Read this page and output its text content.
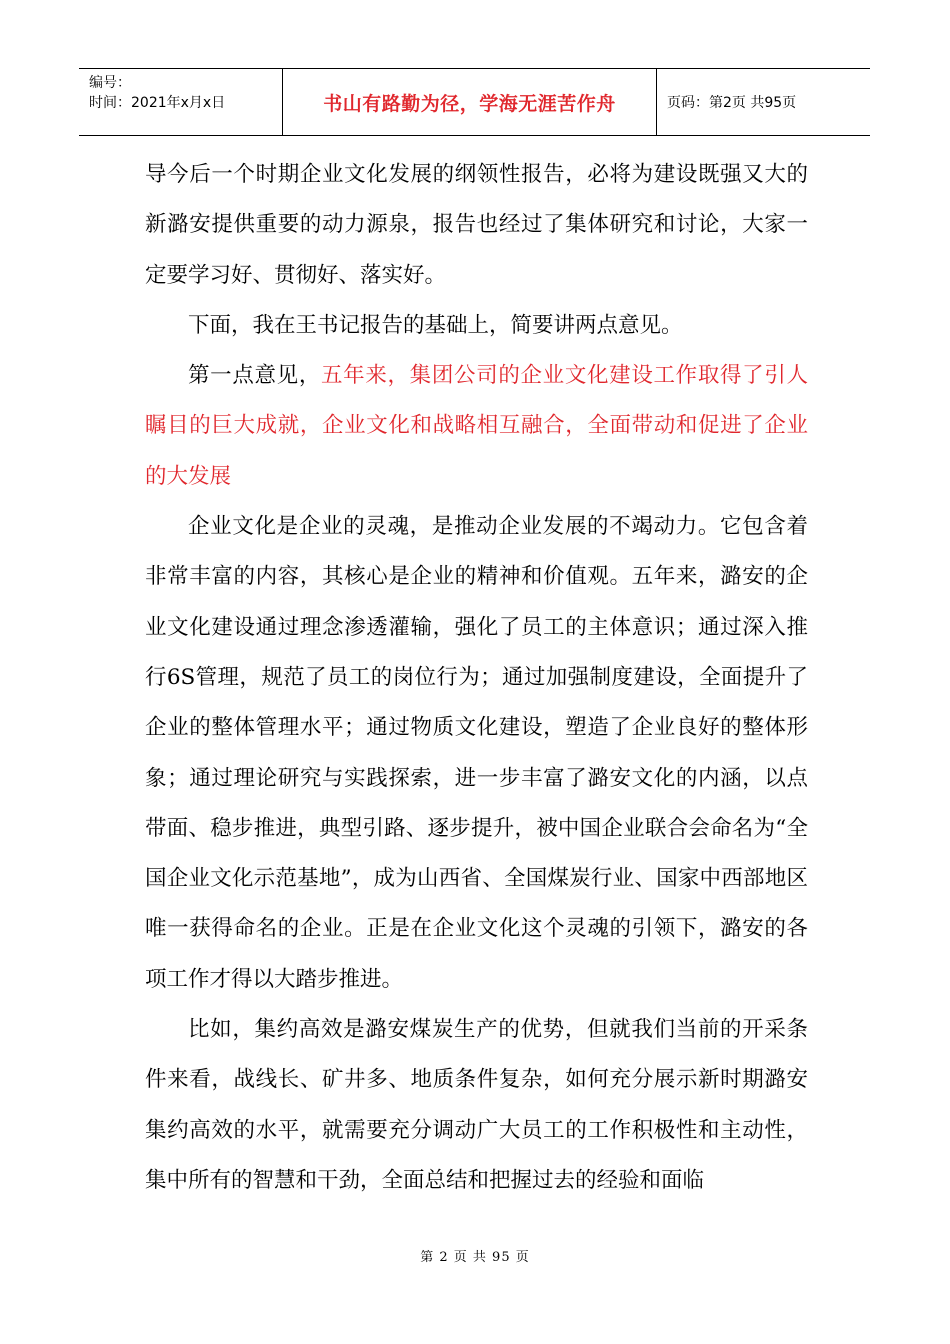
编号：
时间：2021年x月x日	书山有路勤为径，学海无涯苦作舟	页码：第2页 共95页

导今后一个时期企业文化发展的纲领性报告，必将为建设既强又大的新潞安提供重要的动力源泉，报告也经过了集体研究和讨论，大家一定要学习好、贯彻好、落实好。

下面，我在王书记报告的基础上，简要讲两点意见。

第一点意见，五年来，集团公司的企业文化建设工作取得了引人瞩目的巨大成就，企业文化和战略相互融合，全面带动和促进了企业的大发展

企业文化是企业的灵魂，是推动企业发展的不竭动力。它包含着非常丰富的内容，其核心是企业的精神和价值观。五年来，潞安的企业文化建设通过理念渗透灌输，强化了员工的主体意识；通过深入推行6S管理，规范了员工的岗位行为；通过加强制度建设，全面提升了企业的整体管理水平；通过物质文化建设，塑造了企业良好的整体形象；通过理论研究与实践探索，进一步丰富了潞安文化的内涵，以点带面、稳步推进，典型引路、逐步提升，被中国企业联合会命名为“全国企业文化示范基地”，成为山西省、全国煤炭行业、国家中西部地区唯一获得命名的企业。正是在企业文化这个灵魂的引领下，潞安的各项工作才得以大踏步推进。

比如，集约高效是潞安煤炭生产的优势，但就我们当前的开采条件来看，战线长、矿井多、地质条件复杂，如何充分展示新时期潞安集约高效的水平，就需要充分调动广大员工的工作积极性和主动性，集中所有的智慧和干劲，全面总结和把握过去的经验和面临

第 2 页 共 95 页
